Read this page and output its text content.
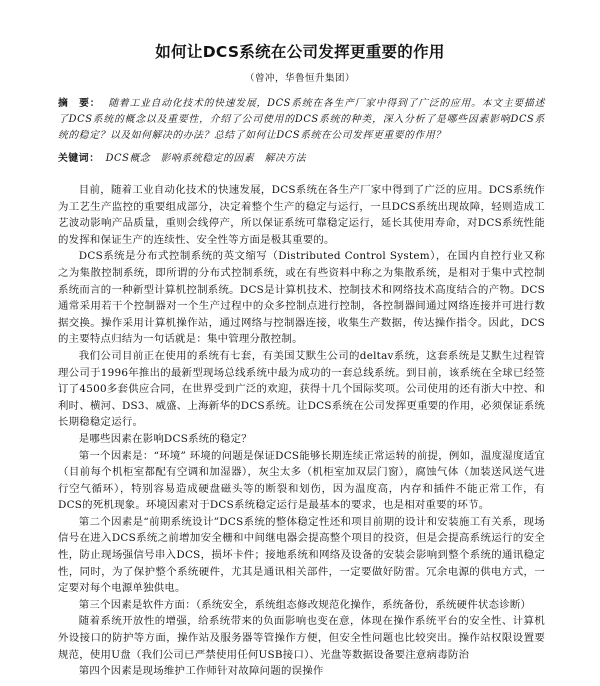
如何让DCS系统在公司发挥更重要的作用
（曾冲，华鲁恒升集团）
摘　要： 随着工业自动化技术的快速发展，DCS系统在各生产厂家中得到了广泛的应用。本文主要描述了DCS系统的概念以及重要性，介绍了公司使用的DCS系统的种类，深入分析了是哪些因素影响DCS系统的稳定？以及如何解决的办法？总结了如何让DCS系统在公司发挥更重要的作用？
关键词： DCS概念　影响系统稳定的因素　解决方法

目前，随着工业自动化技术的快速发展，DCS系统在各生产厂家中得到了广泛的应用。DCS系统作为工艺生产监控的重要组成部分，决定着整个生产的稳定与运行，一旦DCS系统出现故障，轻则造成工艺波动影响产品质量，重则会线停产，所以保证系统可靠稳定运行，延长其使用寿命，对DCS系统性能的发挥和保证生产的连续性、安全性等方面是极其重要的。

DCS系统是分布式控制系统的英文缩写（Distributed Control System），在国内自控行业又称之为集散控制系统，即所谓的分布式控制系统，或在有些资料中称之为集散系统，是相对于集中式控制系统而言的一种新型计算机控制系统。DCS是计算机技术、控制技术和网络技术高度结合的产物。DCS通常采用若干个控制器对一个生产过程中的众多控制点进行控制，各控制器间通过网络连接并可进行数据交换。操作采用计算机操作站，通过网络与控制器连接，收集生产数据，传达操作指令。因此，DCS的主要特点归结为一句话就是：集中管理分散控制。

我们公司目前正在使用的系统有七套，有美国艾默生公司的deltav系统，这套系统是艾默生过程管理公司于1996年推出的最新型现场总线系统中最为成功的一套总线系统。到目前，该系统在全球已经签订了4500多套供应合同，在世界受到广泛的欢迎，获得十几个国际奖项。公司使用的还有浙大中控、和利时、横河、DS3、威盛、上海新华的DCS系统。让DCS系统在公司发挥更重要的作用，必须保证系统长期稳稳定运行。

是哪些因素在影响DCS系统的稳定？

第一个因素是：“环境” 环境的问题是保证DCS能够长期连续正常运转的前提，例如，温度湿度适宜（目前每个机柜室都配有空调和加湿器），灰尘太多（机柜室加双层门窗），腐蚀气体（加装送风送气进行空气循环），特别容易造成硬盘磁头等的断裂和划伤，因为温度高，内存和插件不能正常工作，有DCS的死机现象。环境因素对于DCS系统稳定运行是最基本的要求，也是相对重要的环节。

第二个因素是“前期系统设计”DCS系统的整体稳定性还和项目前期的设计和安装施工有关系，现场信号在进入DCS系统之前增加安全栅和中间继电器会提高整个项目的投资，但是会提高系统运行的安全性，防止现场强信号串入DCS，损坏卡件；接地系统和网络及设备的安装会影响到整个系统的通讯稳定性，同时，为了保护整个系统硬件，尤其是通讯相关部件，一定要做好防雷。冗余电源的供电方式，一定要对每个电源单独供电。

第三个因素是软件方面：（系统安全，系统组态修改规范化操作，系统备份，系统硬件状态诊断）

随着系统开放性的增强，给系统带来的负面影响也变在意，体现在操作系统平台的安全性、计算机外设接口的防护等方面，操作站及服务器等管操作方便，但安全性问题也比较突出。操作站权限设置要规范，使用U盘（我们公司已严禁使用任何USB接口）、光盘等数据设备要注意病毒防治

第四个因素是现场维护工作师针对故障问题的误操作
